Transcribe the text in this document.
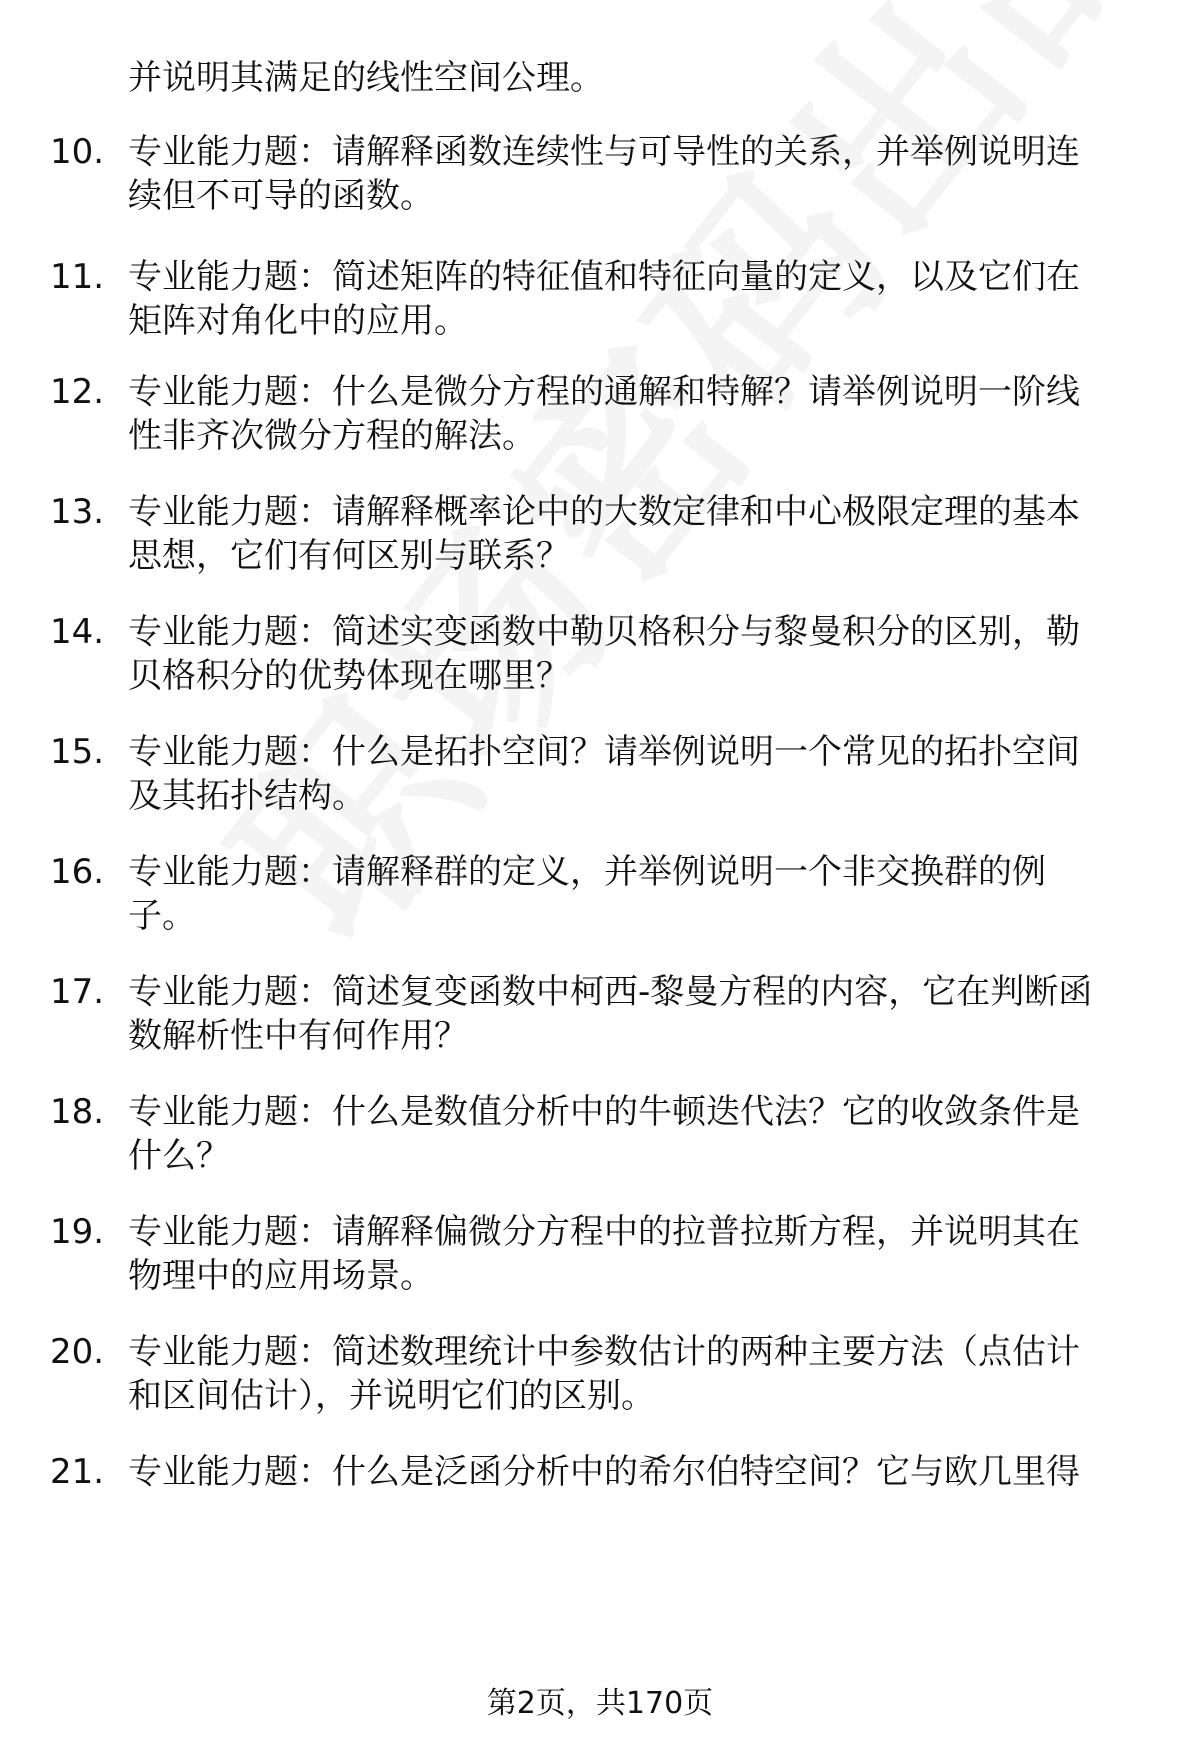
并说明其满足的线性空间公理。
10. 专业能力题：请解释函数连续性与可导性的关系，并举例说明连
续但不可导的函数。
11. 专业能力题：简述矩阵的特征值和特征向量的定义，以及它们在
矩阵对角化中的应用。
12. 专业能力题：什么是微分方程的通解和特解？请举例说明一阶线
性非齐次微分方程的解法。
13. 专业能力题：请解释概率论中的大数定律和中心极限定理的基本
思想，它们有何区别与联系？
14. 专业能力题：简述实变函数中勒贝格积分与黎曼积分的区别，勒
贝格积分的优势体现在哪里？
15. 专业能力题：什么是拓扑空间？请举例说明一个常见的拓扑空间
及其拓扑结构。
16. 专业能力题：请解释群的定义，并举例说明一个非交换群的例
子。
17. 专业能力题：简述复变函数中柯西-黎曼方程的内容，它在判断函
数解析性中有何作用？
18. 专业能力题：什么是数值分析中的牛顿迭代法？它的收敛条件是
什么？
19. 专业能力题：请解释偏微分方程中的拉普拉斯方程，并说明其在
物理中的应用场景。
20. 专业能力题：简述数理统计中参数估计的两种主要方法（点估计
和区间估计），并说明它们的区别。
21. 专业能力题：什么是泛函分析中的希尔伯特空间？它与欧几里得
第2页，共170页
